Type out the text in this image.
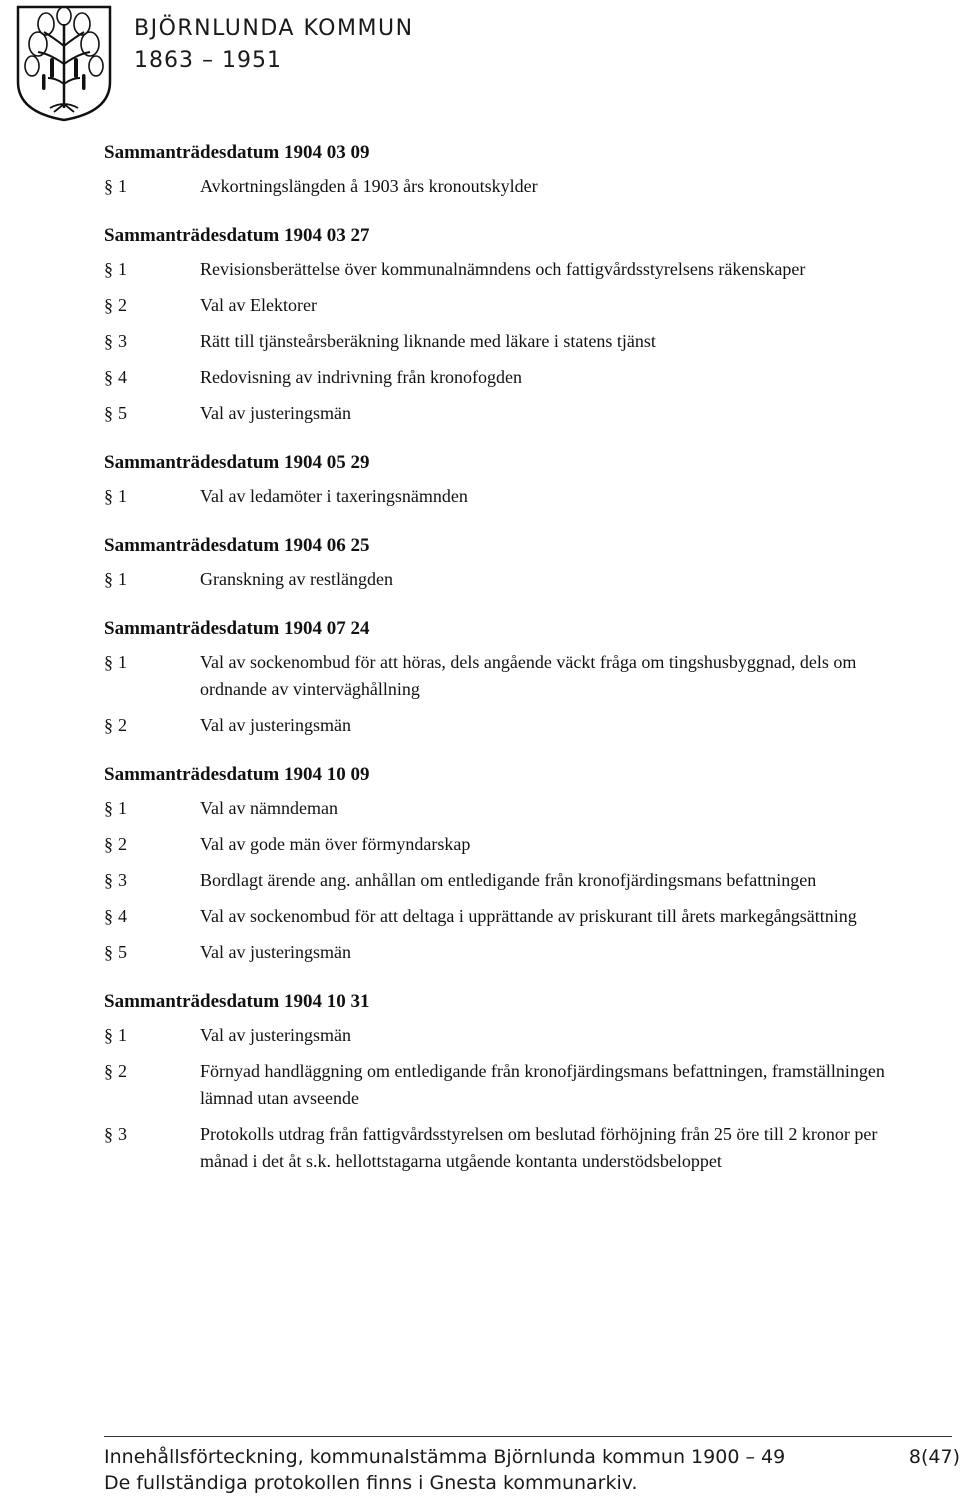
BJÖRNLUNDA KOMMUN
1863 – 1951
Sammanträdesdatum 1904 03 09
§ 1	Avkortningslängden å 1903 års kronoutskylder
Sammanträdesdatum 1904 03 27
§ 1	Revisionsberättelse över kommunalnämndens och fattigvårdsstyrelsens räkenskaper
§ 2	Val av Elektorer
§ 3	Rätt till tjänsteårsberäkning liknande med läkare i statens tjänst
§ 4	Redovisning av indrivning från kronofogden
§ 5	Val av justeringsmän
Sammanträdesdatum 1904 05 29
§ 1	Val av ledamöter i taxeringsnämnden
Sammanträdesdatum 1904 06 25
§ 1	Granskning av restlängden
Sammanträdesdatum 1904 07 24
§ 1	Val av sockenombud för att höras, dels angående väckt fråga om tingshusbyggnad, dels om ordnande av vinterväghållning
§ 2	Val av justeringsmän
Sammanträdesdatum 1904 10 09
§ 1	Val av nämndeman
§ 2	Val av gode män över förmyndarskap
§ 3	Bordlagt ärende ang. anhållan om entledigande från kronofjärdingsmans befattningen
§ 4	Val av sockenombud för att deltaga i upprättande av priskurant till årets markegångsättning
§ 5	Val av justeringsmän
Sammanträdesdatum 1904 10 31
§ 1	Val av justeringsmän
§ 2	Förnyad handläggning om entledigande från kronofjärdingsmans befattningen, framställningen lämnad utan avseende
§ 3	Protokolls utdrag från fattigvårdsstyrelsen om beslutad förhöjning från 25 öre till 2 kronor per månad i det åt s.k. hellottstagarna utgående kontanta understödsbeloppet
Innehållsförteckning, kommunalstämma Björnlunda kommun 1900 – 49	8(47)
De fullständiga protokollen finns i Gnesta kommunarkiv.
